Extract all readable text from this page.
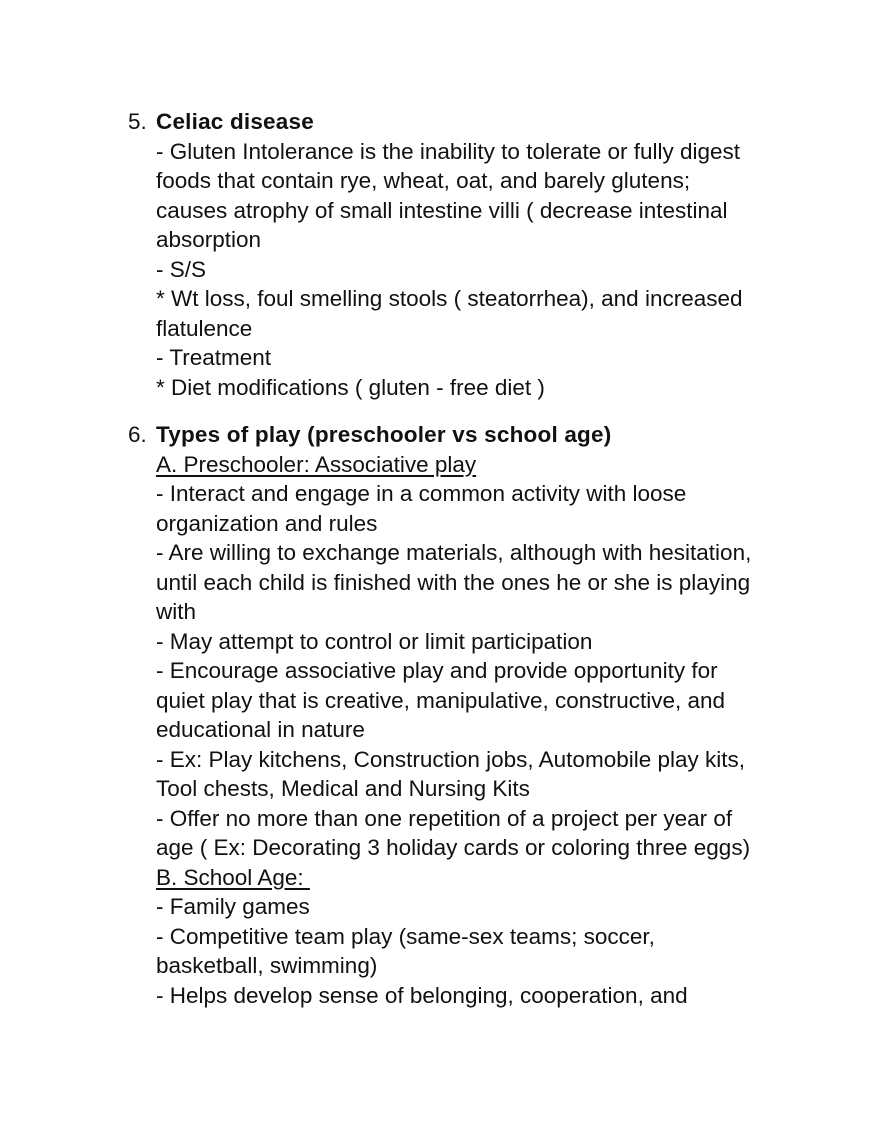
5. Celiac disease
- Gluten Intolerance is the inability to tolerate or fully digest
foods that contain rye, wheat, oat, and barely glutens;
causes atrophy of small intestine villi ( decrease intestinal
absorption
- S/S
* Wt loss, foul smelling stools ( steatorrhea), and increased
flatulence
- Treatment
* Diet modifications ( gluten - free diet )
6. Types of play (preschooler vs school age)
A. Preschooler: Associative play
- Interact and engage in a common activity with loose
organization and rules
- Are willing to exchange materials, although with hesitation,
until each child is finished with the ones he or she is playing
with
- May attempt to control or limit participation
- Encourage associative play and provide opportunity for
quiet play that is creative, manipulative, constructive, and
educational in nature
- Ex: Play kitchens, Construction jobs, Automobile play kits,
Tool chests, Medical and Nursing Kits
- Offer no more than one repetition of a project per year of
age ( Ex: Decorating 3 holiday cards or coloring three eggs)
B. School Age:
- Family games
- Competitive team play (same-sex teams; soccer,
basketball, swimming)
- Helps develop sense of belonging, cooperation, and
